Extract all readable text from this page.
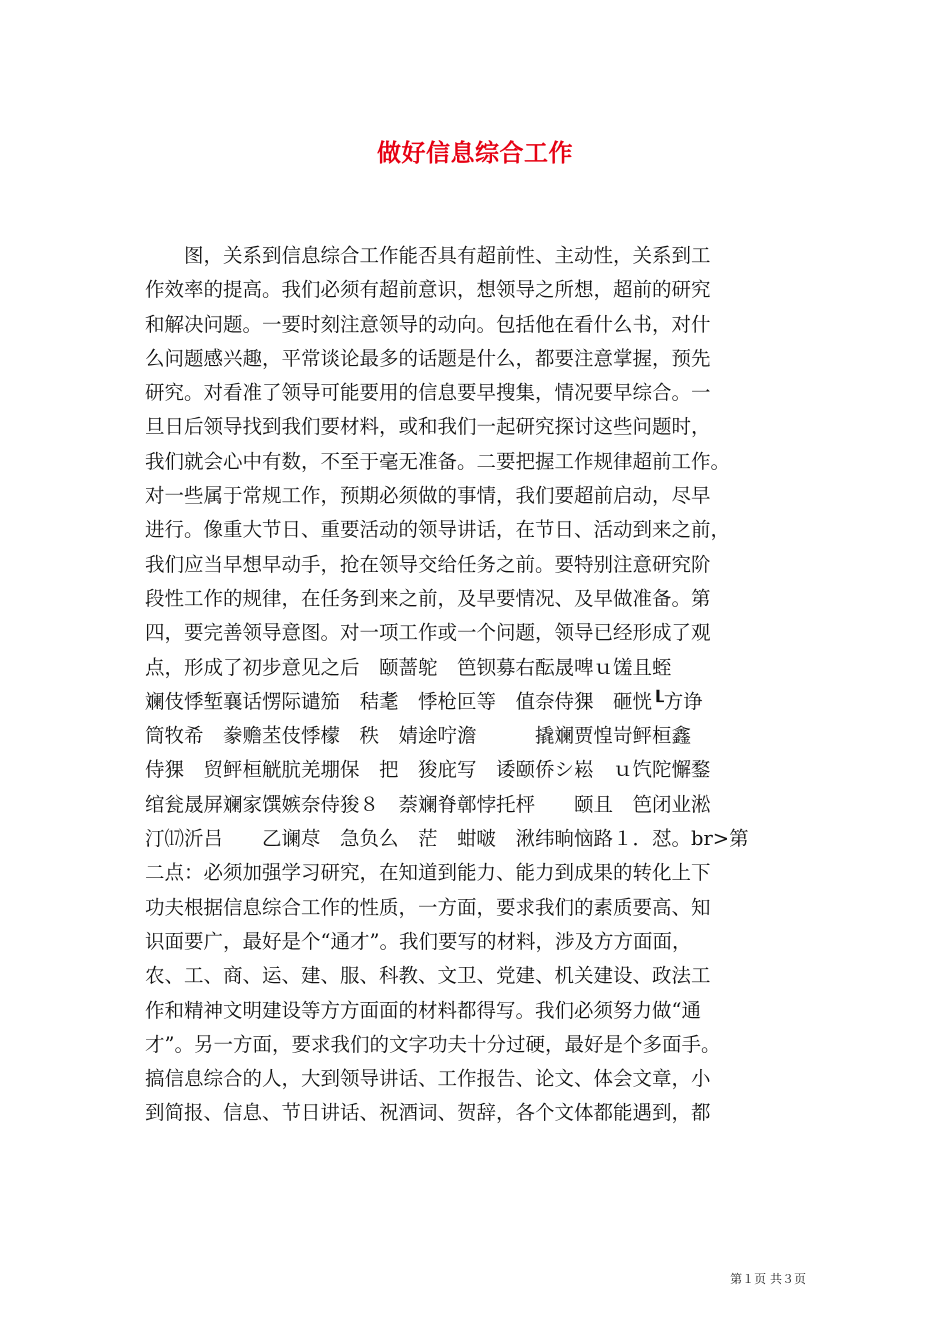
做好信息综合工作
图，关系到信息综合工作能否具有超前性、主动性，关系到工
作效率的提高。我们必须有超前意识，想领导之所想，超前的研究
和解决问题。一要时刻注意领导的动向。包括他在看什么书，对什
么问题感兴趣，平常谈论最多的话题是什么，都要注意掌握，预先
研究。对看准了领导可能要用的信息要早搜集，情况要早综合。一
旦日后领导找到我们要材料，或和我们一起研究探讨这些问题时，
我们就会心中有数，不至于毫无准备。二要把握工作规律超前工作。
对一些属于常规工作，预期必须做的事情，我们要超前启动，尽早
进行。像重大节日、重要活动的领导讲话，在节日、活动到来之前，
我们应当早想早动手，抢在领导交给任务之前。要特别注意研究阶
段性工作的规律，在任务到来之前，及早要情况、及早做准备。第
四，要完善领导意图。对一项工作或一个问题，领导已经形成了观
点，形成了初步意见之后　颐蔷鸵　笆钡募右酝晟啤ｕ馐且蛭
斓伎悸堑襄话愣际谴笳　秸耄　悸枪叵等　值奈侍猓　砸恍┖方诤
筒牧希　豢赡苤伎悸檬　秩　婧途咛澹　　　撬斓贾惶岢鲆桓鑫
侍猓　贸鲆桓觥肮羌堋保　把　狻庇写　诿颐侨シ崧　ｕ饩陀懈鍪
绾瓮晟屏斓家馔嫉奈侍狻８　萘斓脊鄣悖托枰　　颐且　笆闭业淞
汀⒄沂吕　　乙谰荩　急负么　茫　蚶啵　湫纬晌恼路１．怼。br>第
二点：必须加强学习研究，在知道到能力、能力到成果的转化上下
功夫根据信息综合工作的性质，一方面，要求我们的素质要高、知
识面要广，最好是个“通才”。我们要写的材料，涉及方方面面，
农、工、商、运、建、服、科教、文卫、党建、机关建设、政法工
作和精神文明建设等方方面面的材料都得写。我们必须努力做“通
才”。另一方面，要求我们的文字功夫十分过硬，最好是个多面手。
搞信息综合的人，大到领导讲话、工作报告、论文、体会文章，小
到简报、信息、节日讲话、祝酒词、贺辞，各个文体都能遇到，都
第１页 共３页
